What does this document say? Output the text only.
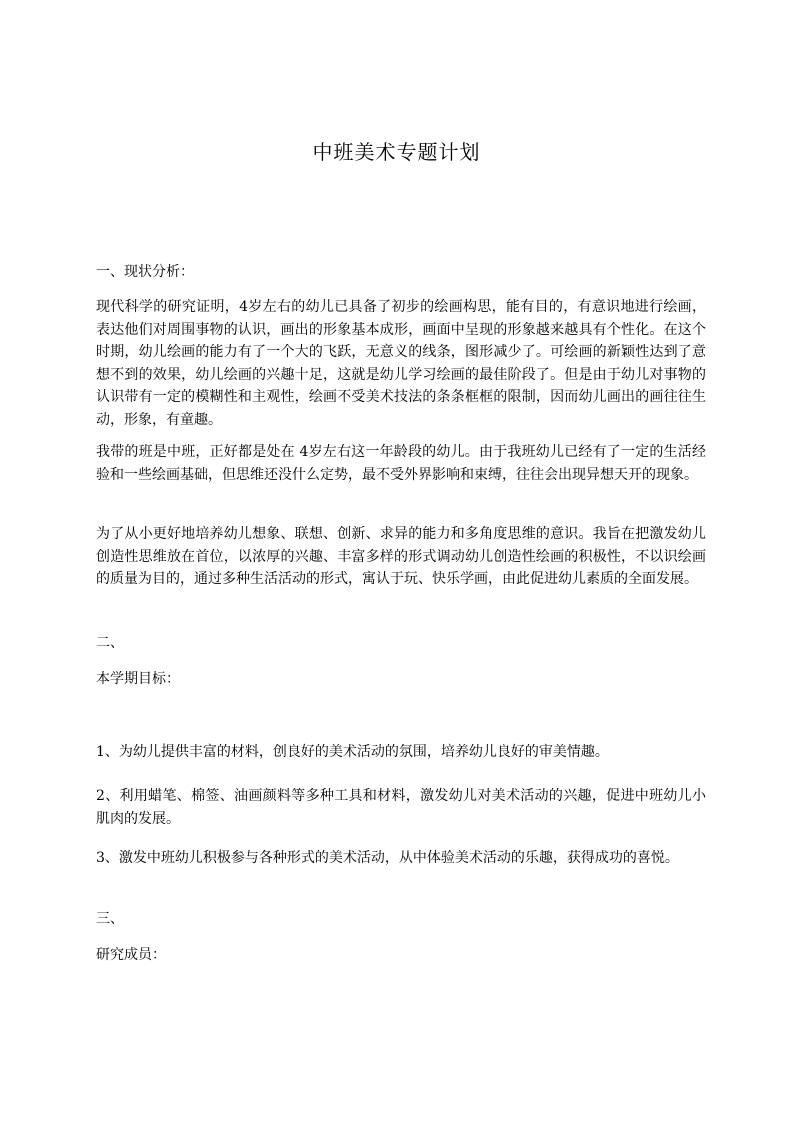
中班美术专题计划

一、现状分析：

现代科学的研究证明，4岁左右的幼儿已具备了初步的绘画构思，能有目的，有意识地进行绘画，表达他们对周围事物的认识，画出的形象基本成形，画面中呈现的形象越来越具有个性化。在这个时期，幼儿绘画的能力有了一个大的飞跃，无意义的线条，图形减少了。可绘画的新颖性达到了意想不到的效果，幼儿绘画的兴趣十足，这就是幼儿学习绘画的最佳阶段了。但是由于幼儿对事物的认识带有一定的模糊性和主观性，绘画不受美术技法的条条框框的限制，因而幼儿画出的画往往生动，形象，有童趣。

我带的班是中班，正好都是处在 4岁左右这一年龄段的幼儿。由于我班幼儿已经有了一定的生活经验和一些绘画基础，但思维还没什么定势，最不受外界影响和束缚，往往会出现异想天开的现象。

为了从小更好地培养幼儿想象、联想、创新、求异的能力和多角度思维的意识。我旨在把激发幼儿创造性思维放在首位，以浓厚的兴趣、丰富多样的形式调动幼儿创造性绘画的积极性，不以识绘画的质量为目的，通过多种生活活动的形式，寓认于玩、快乐学画，由此促进幼儿素质的全面发展。

二、

本学期目标：

1、为幼儿提供丰富的材料，创良好的美术活动的氛围，培养幼儿良好的审美情趣。

2、利用蜡笔、棉签、油画颜料等多种工具和材料，激发幼儿对美术活动的兴趣，促进中班幼儿小肌肉的发展。

3、激发中班幼儿积极参与各种形式的美术活动，从中体验美术活动的乐趣，获得成功的喜悦。

三、

研究成员：
